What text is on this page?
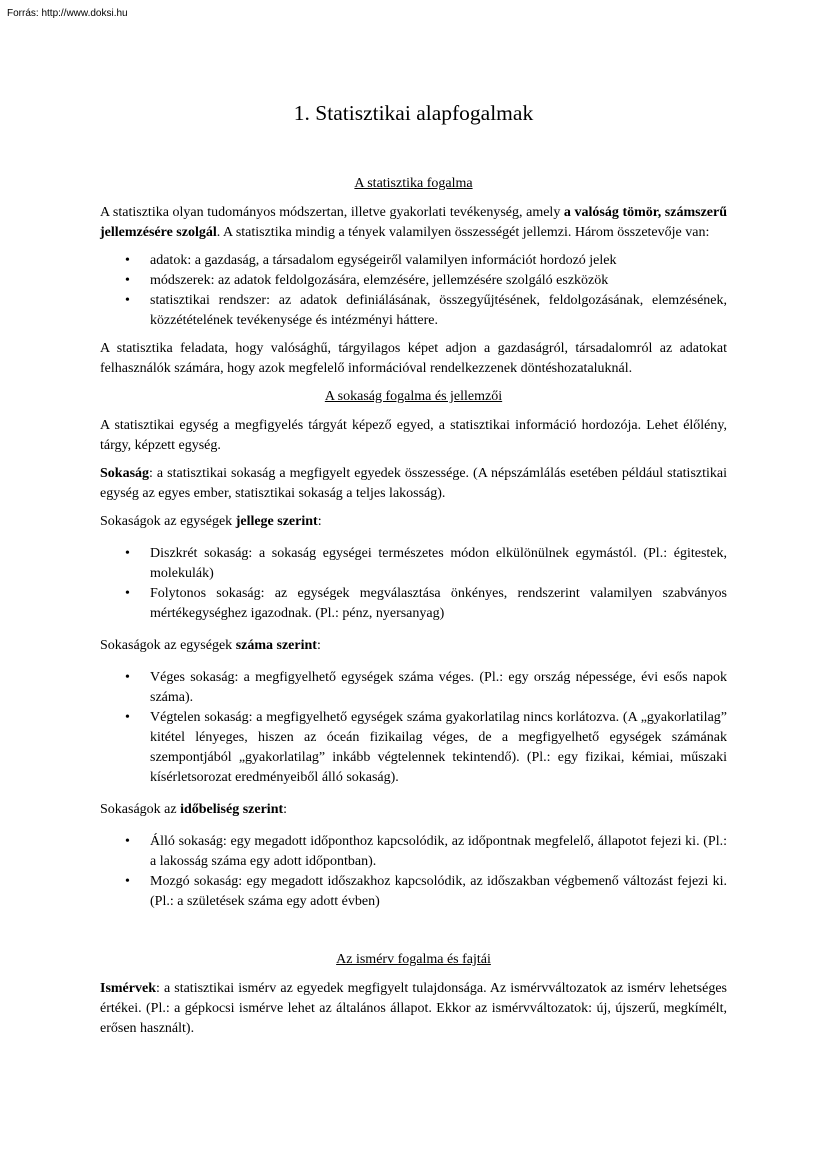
Forrás: http://www.doksi.hu
1. Statisztikai alapfogalmak
A statisztika fogalma

A statisztika olyan tudományos módszertan, illetve gyakorlati tevékenység, amely a valóság tömör, számszerű jellemzésére szolgál. A statisztika mindig a tények valamilyen összességét jellemzi. Három összetevője van:

• adatok: a gazdaság, a társadalom egységeiről valamilyen információt hordozó jelek
• módszerek: az adatok feldolgozására, elemzésére, jellemzésére szolgáló eszközök
• statisztikai rendszer: az adatok definiálásának, összegyűjtésének, feldolgozásának, elemzésének, közzétételének tevékenysége és intézményi háttere.

A statisztika feladata, hogy valósághű, tárgyilagos képet adjon a gazdaságról, társadalomról az adatokat felhasználók számára, hogy azok megfelelő információval rendelkezzenek döntéshozataluknál.

A sokaság fogalma és jellemzői

A statisztikai egység a megfigyelés tárgyát képező egyed, a statisztikai információ hordozója. Lehet élőlény, tárgy, képzett egység.

Sokaság: a statisztikai sokaság a megfigyelt egyedek összessége. (A népszámlálás esetében például statisztikai egység az egyes ember, statisztikai sokaság a teljes lakosság).

Sokaságok az egységek jellege szerint:

• Diszkrét sokaság: a sokaság egységei természetes módon elkülönülnek egymástól. (Pl.: égitestek, molekulák)
• Folytonos sokaság: az egységek megválasztása önkényes, rendszerint valamilyen szabványos mértékegységhez igazodnak. (Pl.: pénz, nyersanyag)

Sokaságok az egységek száma szerint:

• Véges sokaság: a megfigyelhető egységek száma véges. (Pl.: egy ország népessége, évi esős napok száma).
• Végtelen sokaság: a megfigyelhető egységek száma gyakorlatilag nincs korlátozva. (A „gyakorlatilag” kitétel lényeges, hiszen az óceán fizikailag véges, de a megfigyelhető egységek számának szempontjából „gyakorlatilag” inkább végtelennek tekintendő). (Pl.: egy fizikai, kémiai, műszaki kísérletsorozat eredményeiből álló sokaság).

Sokaságok az időbeliség szerint:

• Álló sokaság: egy megadott időponthoz kapcsolódik, az időpontnak megfelelő, állapotot fejezi ki. (Pl.: a lakosság száma egy adott időpontban).
• Mozgó sokaság: egy megadott időszakhoz kapcsolódik, az időszakban végbemenő változást fejezi ki. (Pl.: a születések száma egy adott évben)
Az ismérv fogalma és fajtái

Ismérvek: a statisztikai ismérv az egyedek megfigyelt tulajdonsága. Az ismérvváltozatok az ismérv lehetséges értékei. (Pl.: a gépkocsi ismérve lehet az általános állapot. Ekkor az ismérvváltozatok: új, újszerű, megkímélt, erősen használt).
